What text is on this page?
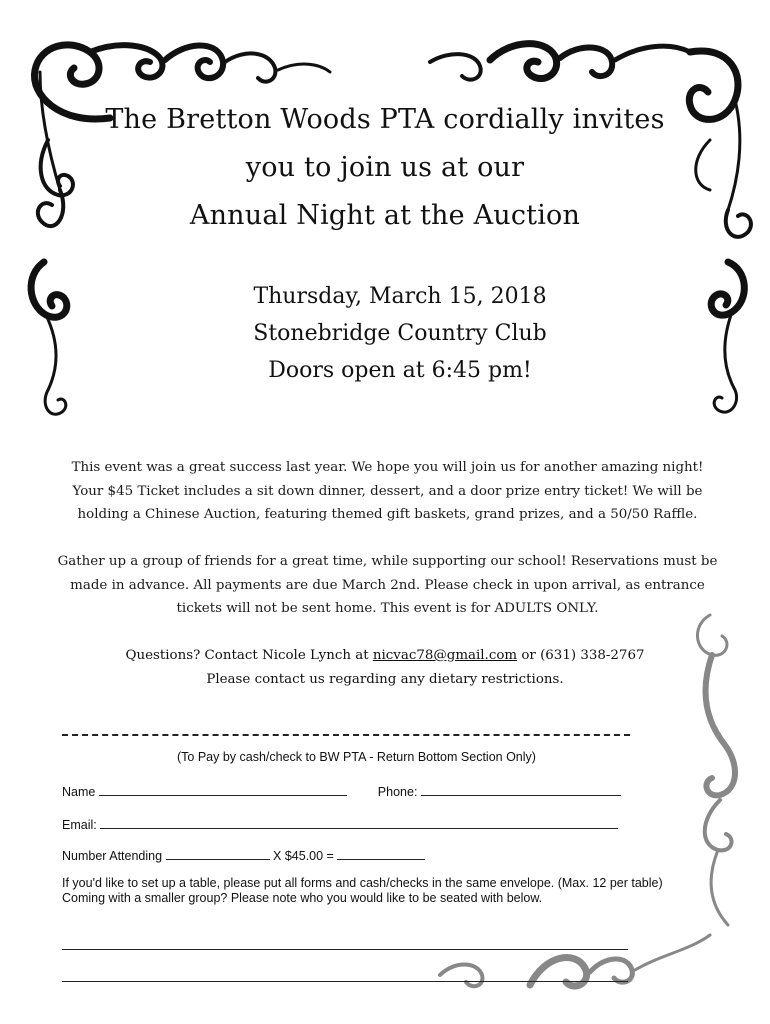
The Bretton Woods PTA cordially invites
you to join us at our
Annual Night at the Auction
Thursday, March 15, 2018
Stonebridge Country Club
Doors open at 6:45 pm!

This event was a great success last year. We hope you will join us for another amazing night! Your $45 Ticket includes a sit down dinner, dessert, and a door prize entry ticket! We will be holding a Chinese Auction, featuring themed gift baskets, grand prizes, and a 50/50 Raffle.

Gather up a group of friends for a great time, while supporting our school! Reservations must be made in advance. All payments are due March 2nd. Please check in upon arrival, as entrance tickets will not be sent home. This event is for ADULTS ONLY.

Questions? Contact Nicole Lynch at nicvac78@gmail.com or (631) 338-2767
Please contact us regarding any dietary restrictions.
(To Pay by cash/check to BW PTA - Return Bottom Section Only)
Name	Phone:
Email:
Number Attending	X $45.00 =
If you'd like to set up a table, please put all forms and cash/checks in the same envelope. (Max. 12 per table) Coming with a smaller group? Please note who you would like to be seated with below.
